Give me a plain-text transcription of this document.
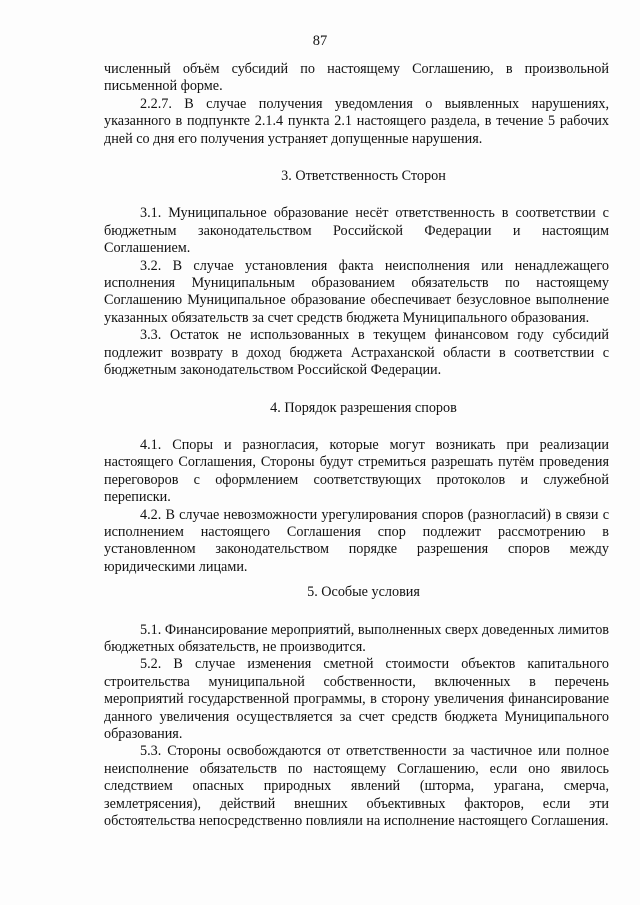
87

численный объём субсидий по настоящему Соглашению, в произвольной письменной форме.

2.2.7. В случае получения уведомления о выявленных нарушениях, указанного в подпункте 2.1.4 пункта 2.1 настоящего раздела, в течение 5 рабочих дней со дня его получения устраняет допущенные нарушения.

3. Ответственность Сторон

3.1. Муниципальное образование несёт ответственность в соответствии с бюджетным законодательством Российской Федерации и настоящим Соглашением.

3.2. В случае установления факта неисполнения или ненадлежащего исполнения Муниципальным образованием обязательств по настоящему Соглашению Муниципальное образование обеспечивает безусловное выполнение указанных обязательств за счет средств бюджета Муниципального образования.

3.3. Остаток не использованных в текущем финансовом году субсидий подлежит возврату в доход бюджета Астраханской области в соответствии с бюджетным законодательством Российской Федерации.

4. Порядок разрешения споров

4.1. Споры и разногласия, которые могут возникать при реализации настоящего Соглашения, Стороны будут стремиться разрешать путём проведения переговоров с оформлением соответствующих протоколов и служебной переписки.

4.2. В случае невозможности урегулирования споров (разногласий) в связи с исполнением настоящего Соглашения спор подлежит рассмотрению в установленном законодательством порядке разрешения споров между юридическими лицами.

5. Особые условия

5.1. Финансирование мероприятий, выполненных сверх доведенных лимитов бюджетных обязательств, не производится.

5.2. В случае изменения сметной стоимости объектов капитального строительства муниципальной собственности, включенных в перечень мероприятий государственной программы, в сторону увеличения финансирование данного увеличения осуществляется за счет средств бюджета Муниципального образования.

5.3. Стороны освобождаются от ответственности за частичное или полное неисполнение обязательств по настоящему Соглашению, если оно явилось следствием опасных природных явлений (шторма, урагана, смерча, землетрясения), действий внешних объективных факторов, если эти обстоятельства непосредственно повлияли на исполнение настоящего Соглашения.
